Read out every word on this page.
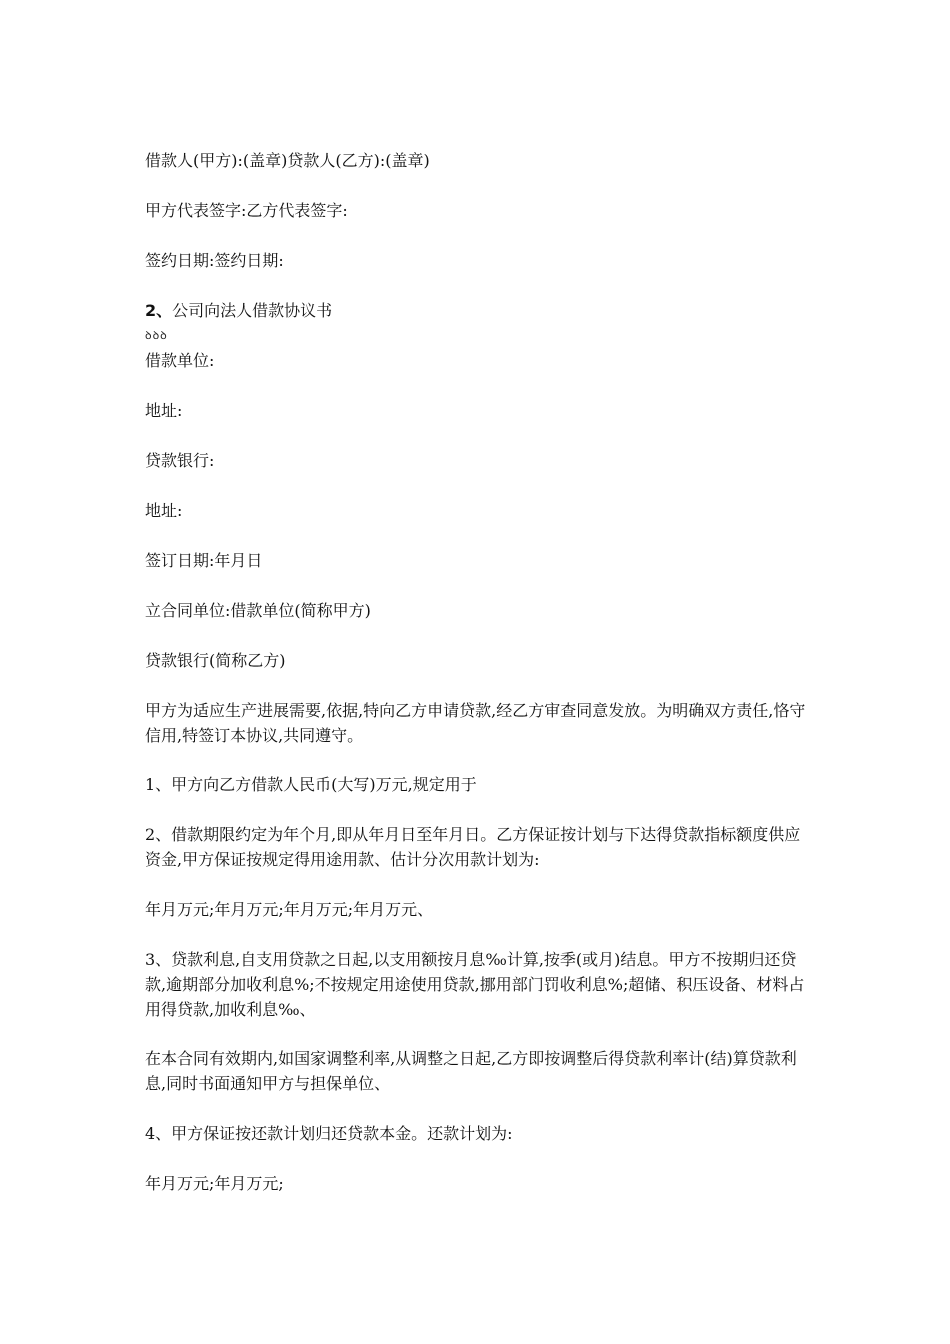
借款人(甲方):(盖章)贷款人(乙方):(盖章)
甲方代表签字:乙方代表签字:
签约日期:签约日期:
2、公司向法人借款协议书
ꝺꝺꝺ
借款单位:
地址:
贷款银行:
地址:
签订日期:年月日
立合同单位:借款单位(简称甲方)
贷款银行(简称乙方)
甲方为适应生产进展需要,依据,特向乙方申请贷款,经乙方审查同意发放。为明确双方责任,恪守信用,特签订本协议,共同遵守。
1、甲方向乙方借款人民币(大写)万元,规定用于
2、借款期限约定为年个月,即从年月日至年月日。乙方保证按计划与下达得贷款指标额度供应资金,甲方保证按规定得用途用款、估计分次用款计划为:
年月万元;年月万元;年月万元;年月万元、
3、贷款利息,自支用贷款之日起,以支用额按月息‰计算,按季(或月)结息。甲方不按期归还贷款,逾期部分加收利息%;不按规定用途使用贷款,挪用部门罚收利息%;超储、积压设备、材料占用得贷款,加收利息‰、
在本合同有效期内,如国家调整利率,从调整之日起,乙方即按调整后得贷款利率计(结)算贷款利息,同时书面通知甲方与担保单位、
4、甲方保证按还款计划归还贷款本金。还款计划为:
年月万元;年月万元;
